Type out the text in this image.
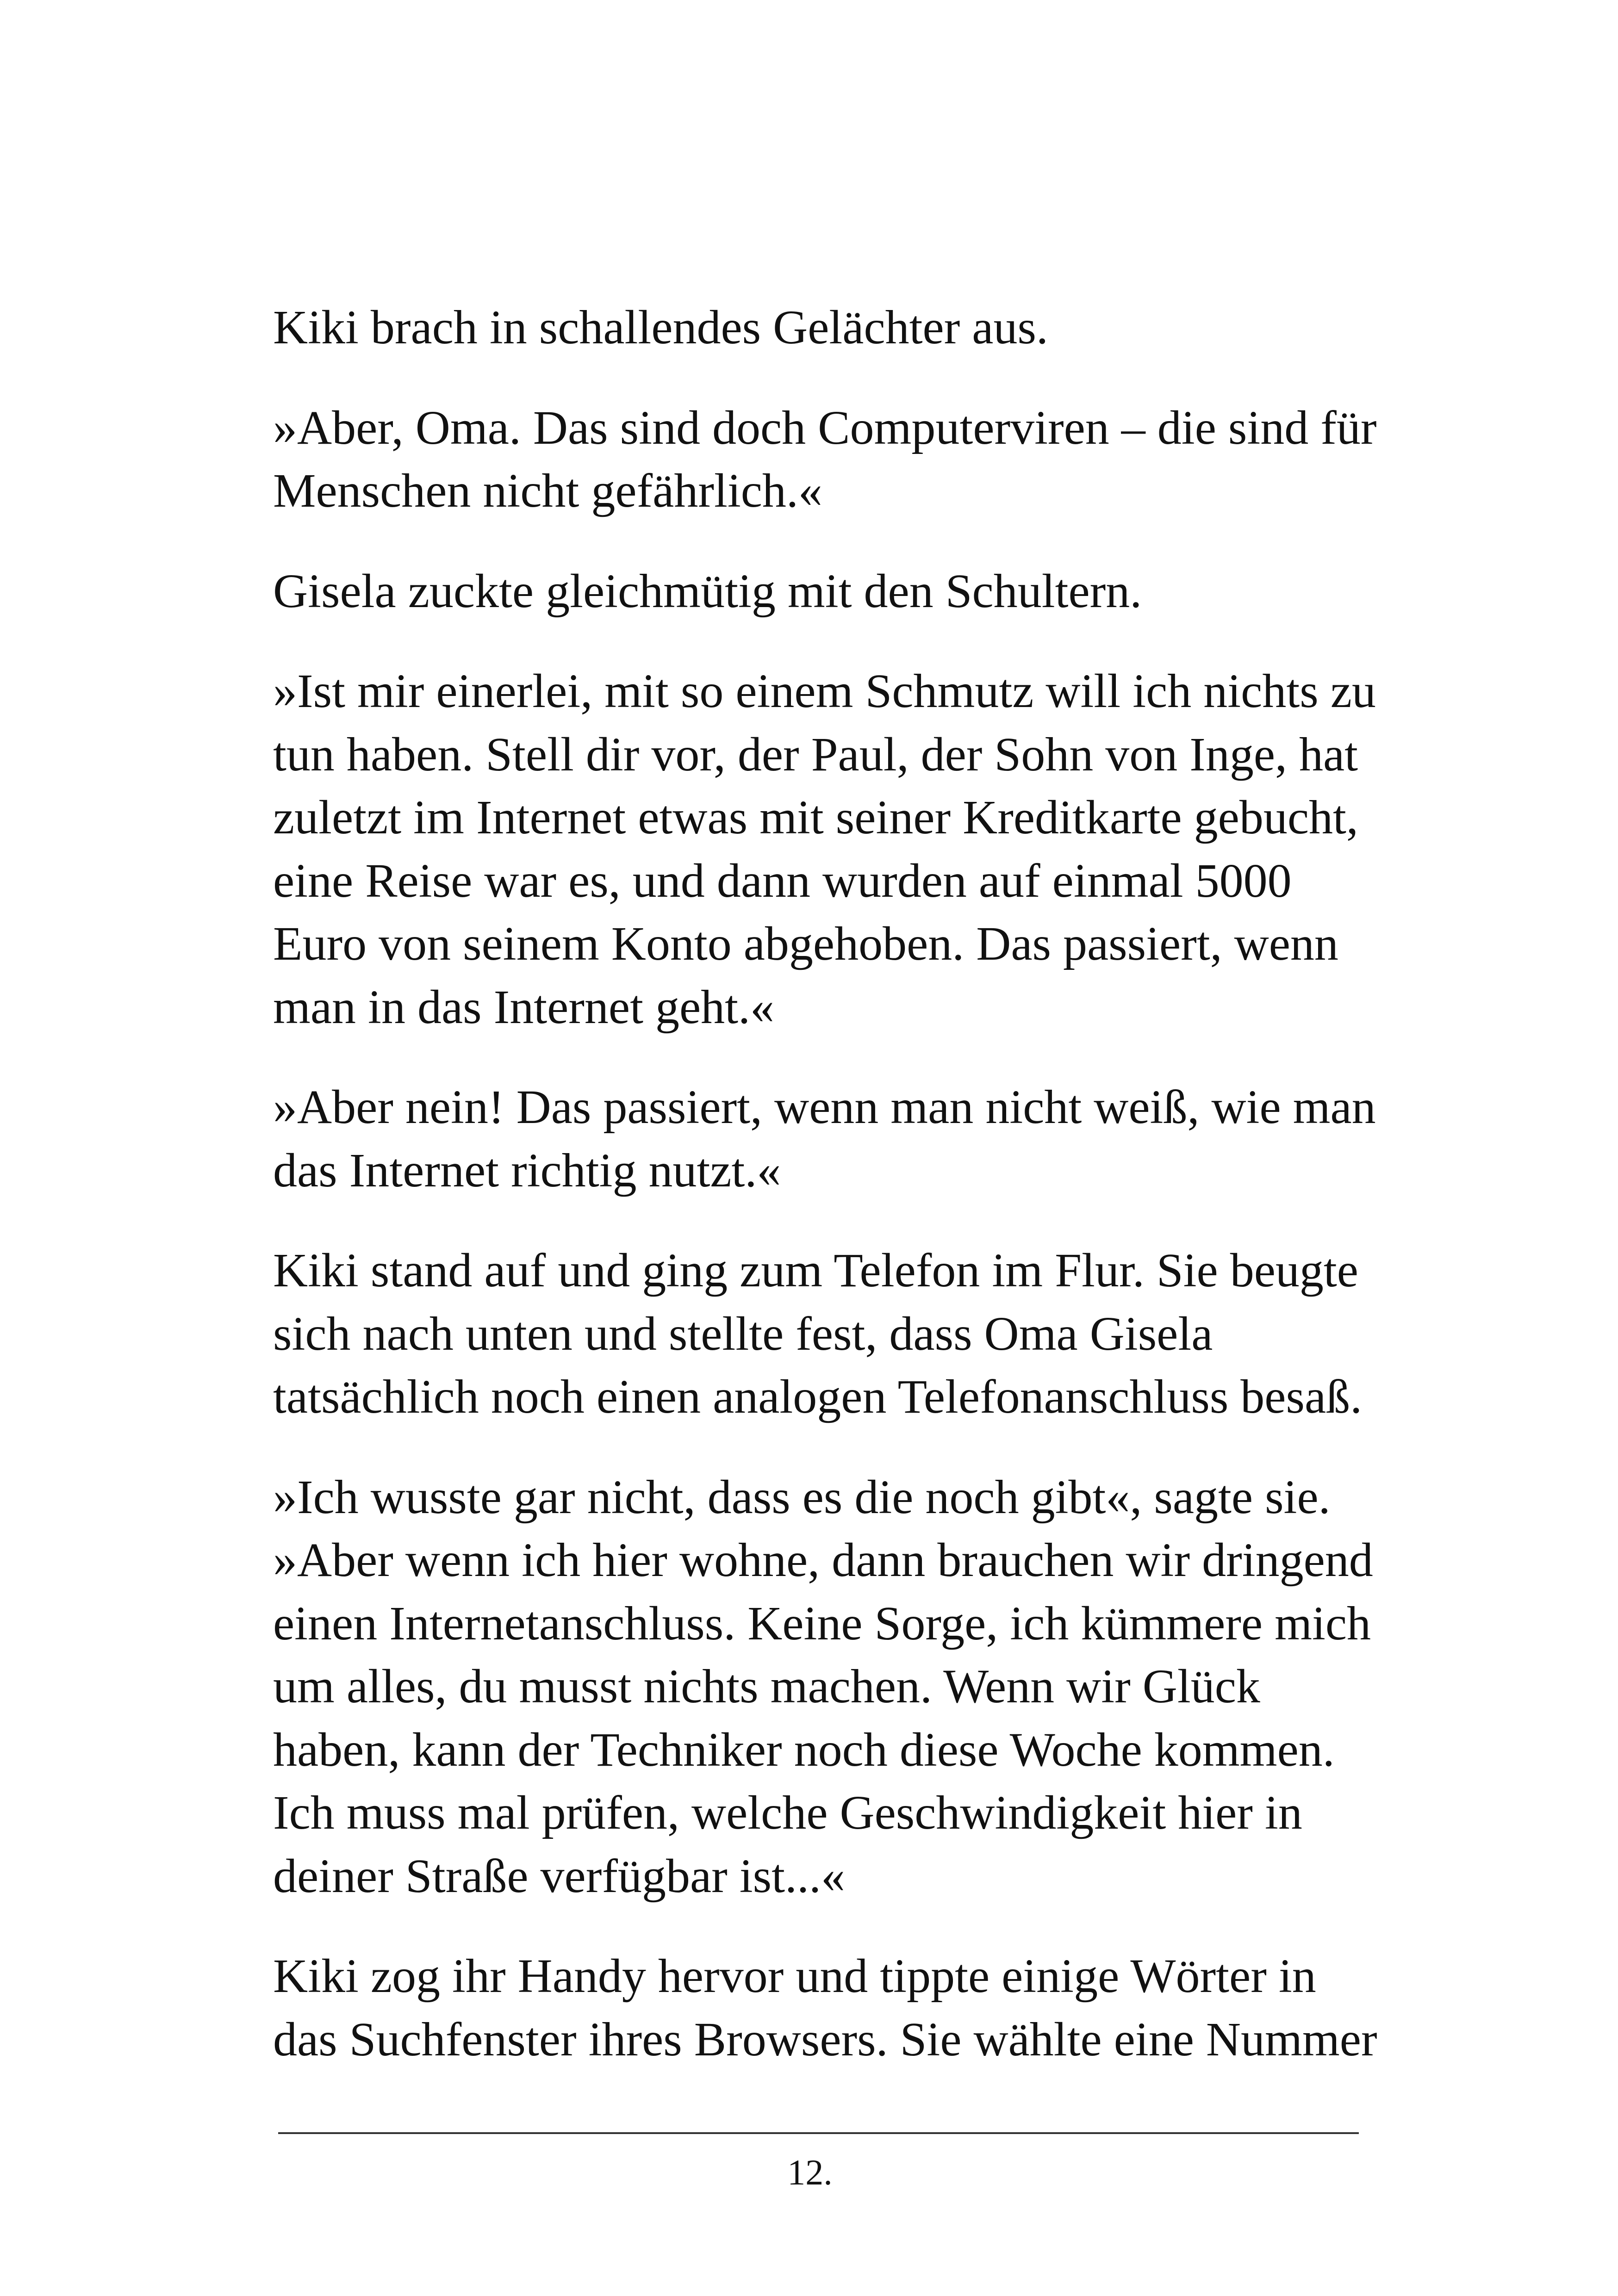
Kiki brach in schallendes Gelächter aus.

»Aber, Oma. Das sind doch Computerviren – die sind für
Menschen nicht gefährlich.«

Gisela zuckte gleichmütig mit den Schultern.

»Ist mir einerlei, mit so einem Schmutz will ich nichts zu
tun haben. Stell dir vor, der Paul, der Sohn von Inge, hat
zuletzt im Internet etwas mit seiner Kreditkarte gebucht,
eine Reise war es, und dann wurden auf einmal 5000
Euro von seinem Konto abgehoben. Das passiert, wenn
man in das Internet geht.«

»Aber nein! Das passiert, wenn man nicht weiß, wie man
das Internet richtig nutzt.«

Kiki stand auf und ging zum Telefon im Flur. Sie beugte
sich nach unten und stellte fest, dass Oma Gisela
tatsächlich noch einen analogen Telefonanschluss besaß.

»Ich wusste gar nicht, dass es die noch gibt«, sagte sie.
»Aber wenn ich hier wohne, dann brauchen wir dringend
einen Internetanschluss. Keine Sorge, ich kümmere mich
um alles, du musst nichts machen. Wenn wir Glück
haben, kann der Techniker noch diese Woche kommen.
Ich muss mal prüfen, welche Geschwindigkeit hier in
deiner Straße verfügbar ist...«

Kiki zog ihr Handy hervor und tippte einige Wörter in
das Suchfenster ihres Browsers. Sie wählte eine Nummer

12.
